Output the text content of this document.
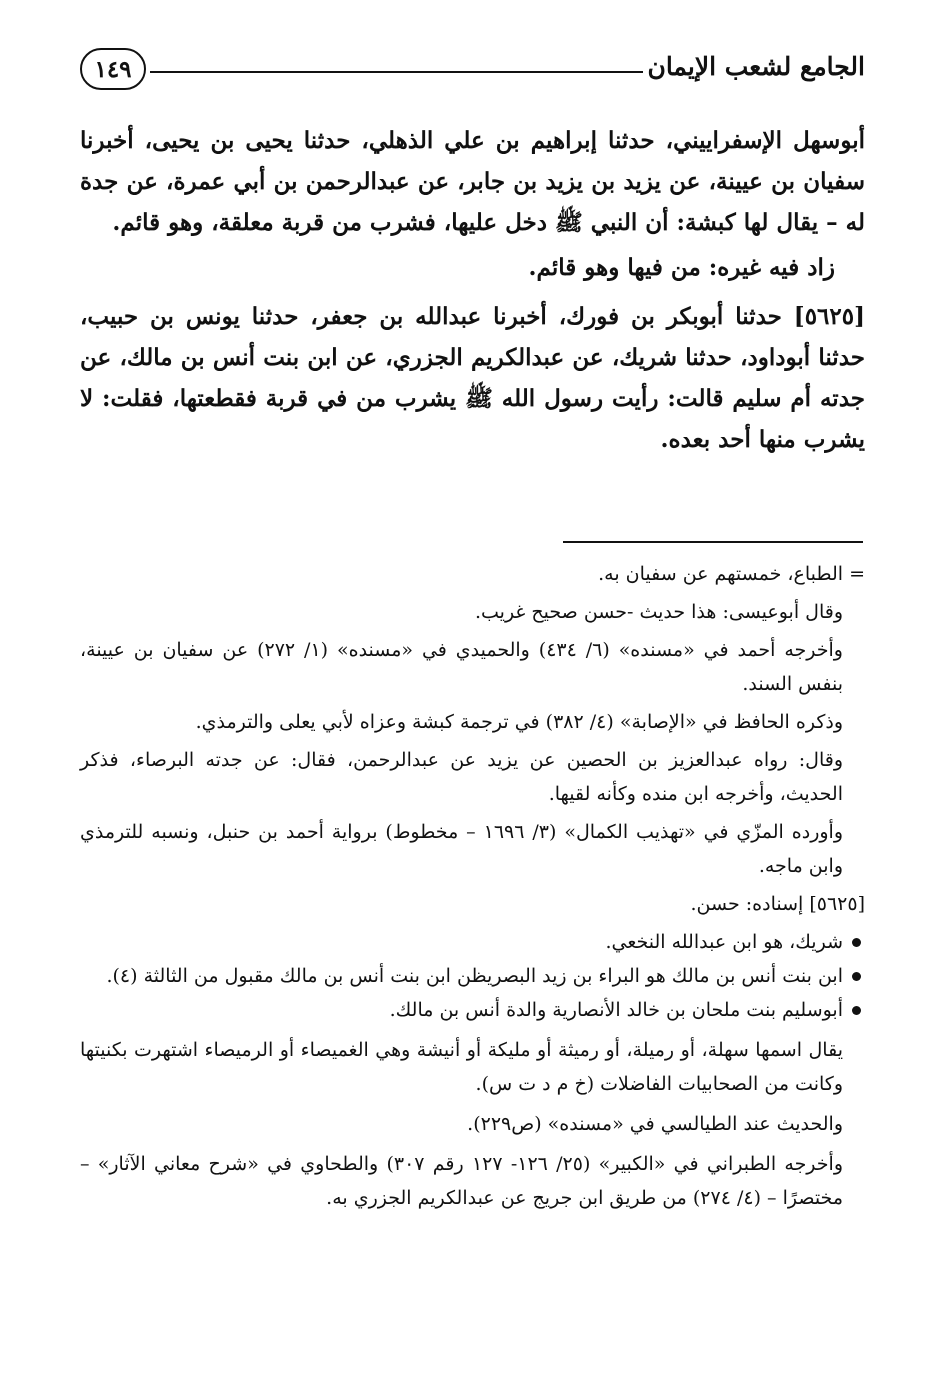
الجامع لشعب الإيمان
١٤٩

أبوسهل الإسفراييني، حدثنا إبراهيم بن علي الذهلي، حدثنا يحيى بن يحيى، أخبرنا سفيان بن عيينة، عن يزيد بن يزيد بن جابر، عن عبدالرحمن بن أبي عمرة، عن جدة له – يقال لها كبشة: أن النبي ﷺ دخل عليها، فشرب من قربة معلقة، وهو قائم.

زاد فيه غيره: من فيها وهو قائم.

[٥٦٢٥] حدثنا أبوبكر بن فورك، أخبرنا عبدالله بن جعفر، حدثنا يونس بن حبيب، حدثنا أبوداود، حدثنا شريك، عن عبدالكريم الجزري، عن ابن بنت أنس بن مالك، عن جدته أم سليم قالت: رأيت رسول الله ﷺ يشرب من في قربة فقطعتها، فقلت: لا يشرب منها أحد بعده.

= الطباع، خمستهم عن سفيان به.

وقال أبوعيسى: هذا حديث -حسن صحيح غريب.

وأخرجه أحمد في «مسنده» (٦/ ٤٣٤) والحميدي في «مسنده» (١/ ٢٧٢) عن سفيان بن عيينة، بنفس السند.

وذكره الحافظ في «الإصابة» (٤/ ٣٨٢) في ترجمة كبشة وعزاه لأبي يعلى والترمذي.

وقال: رواه عبدالعزيز بن الحصين عن يزيد عن عبدالرحمن، فقال: عن جدته البرصاء، فذكر الحديث، وأخرجه ابن منده وكأنه لقيها.

وأورده المزّي في «تهذيب الكمال» (٣/ ١٦٩٦ – مخطوط) برواية أحمد بن حنبل، ونسبه للترمذي وابن ماجه.

[٥٦٢٥] إسناده: حسن.

شريك، هو ابن عبدالله النخعي.
ابن بنت أنس بن مالك هو البراء بن زيد البصريظن ابن بنت أنس بن مالك مقبول من الثالثة (٤).
أبوسليم بنت ملحان بن خالد الأنصارية والدة أنس بن مالك.

يقال اسمها سهلة، أو رميلة، أو رميثة أو مليكة أو أنيشة وهي الغميصاء أو الرميصاء اشتهرت بكنيتها وكانت من الصحابيات الفاضلات (خ م د ت س).

والحديث عند الطيالسي في «مسنده» (ص٢٢٩).

وأخرجه الطبراني في «الكبير» (٢٥/ ١٢٦- ١٢٧ رقم ٣٠٧) والطحاوي في «شرح معاني الآثار» – مختصرًا – (٤/ ٢٧٤) من طريق ابن جريج عن عبدالكريم الجزري به.
